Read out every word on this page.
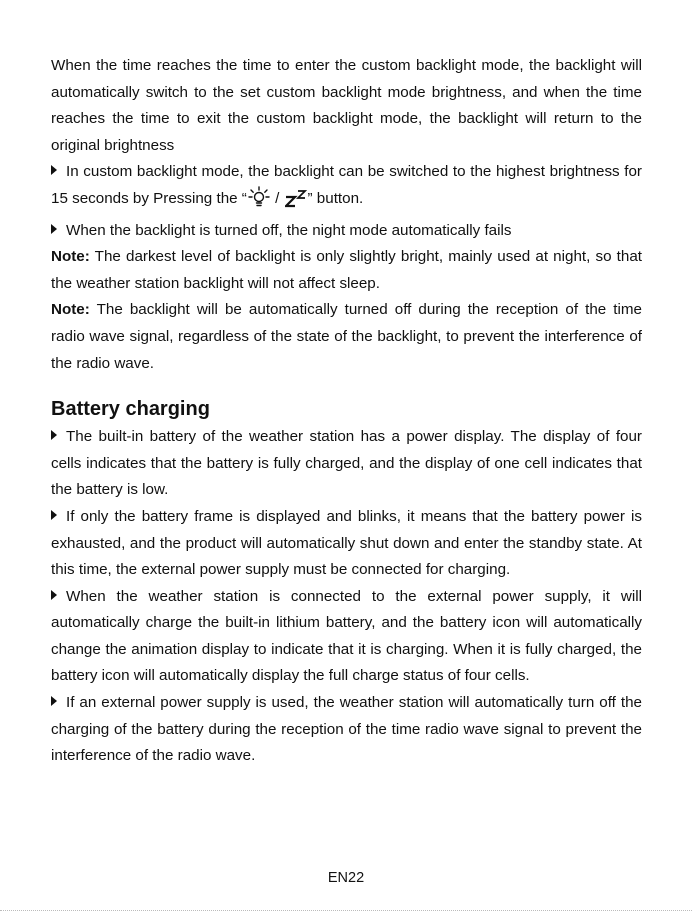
When the time reaches the time to enter the custom backlight mode, the backlight will automatically switch to the set custom backlight mode brightness, and when the time reaches the time to exit the custom backlight mode, the backlight will return to the original brightness

In custom backlight mode, the backlight can be switched to the highest brightness for 15 seconds by Pressing the “ / ” button.

When the backlight is turned off, the night mode automatically fails

Note: The darkest level of backlight is only slightly bright, mainly used at night, so that the weather station backlight will not affect sleep.

Note: The backlight will be automatically turned off during the reception of the time radio wave signal, regardless of the state of the backlight, to prevent the interference of the radio wave.

Battery charging

The built-in battery of the weather station has a power display. The display of four cells indicates that the battery is fully charged, and the display of one cell indicates that the battery is low.

If only the battery frame is displayed and blinks, it means that the battery power is exhausted, and the product will automatically shut down and enter the standby state. At this time, the external power supply must be connected for charging.

When the weather station is connected to the external power supply, it will automatically charge the built-in lithium battery, and the battery icon will automatically change the animation display to indicate that it is charging. When it is fully charged, the battery icon will automatically display the full charge status of four cells.

If an external power supply is used, the weather station will automatically turn off the charging of the battery during the reception of the time radio wave signal to prevent the interference of the radio wave.

EN22
